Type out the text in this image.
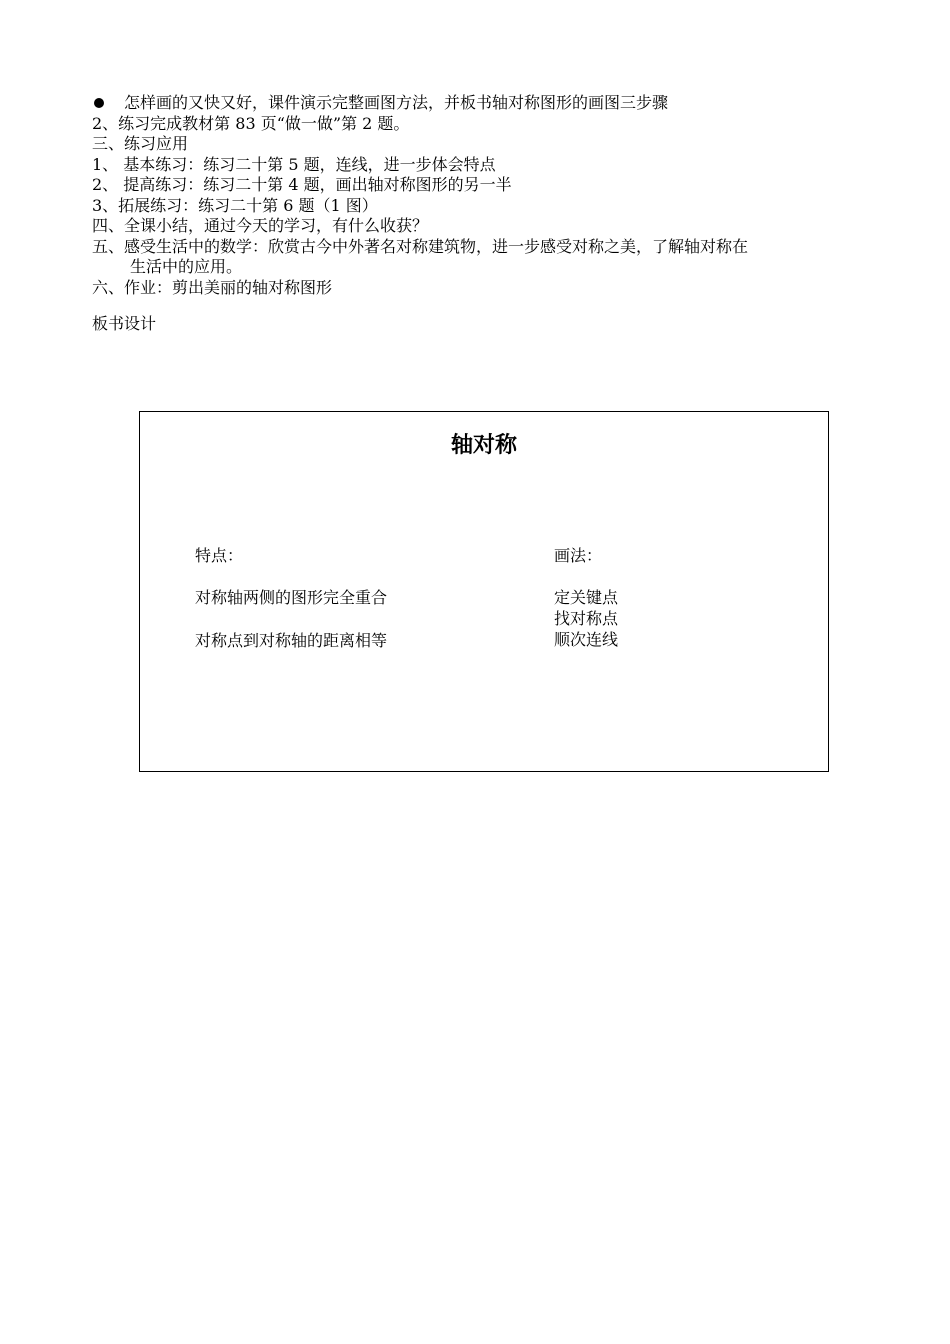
怎样画的又快又好，课件演示完整画图方法，并板书轴对称图形的画图三步骤
2、练习完成教材第 83 页“做一做”第 2 题。
三、练习应用
1、 基本练习：练习二十第 5 题，连线，进一步体会特点
2、 提高练习：练习二十第 4 题，画出轴对称图形的另一半
3、拓展练习：练习二十第 6 题（1 图）
四、全课小结，通过今天的学习，有什么收获？
五、感受生活中的数学：欣赏古今中外著名对称建筑物，进一步感受对称之美，了解轴对称在
生活中的应用。
六、作业：剪出美丽的轴对称图形
板书设计
轴对称
特点：
对称轴两侧的图形完全重合
对称点到对称轴的距离相等
画法：
定关键点
找对称点
顺次连线
